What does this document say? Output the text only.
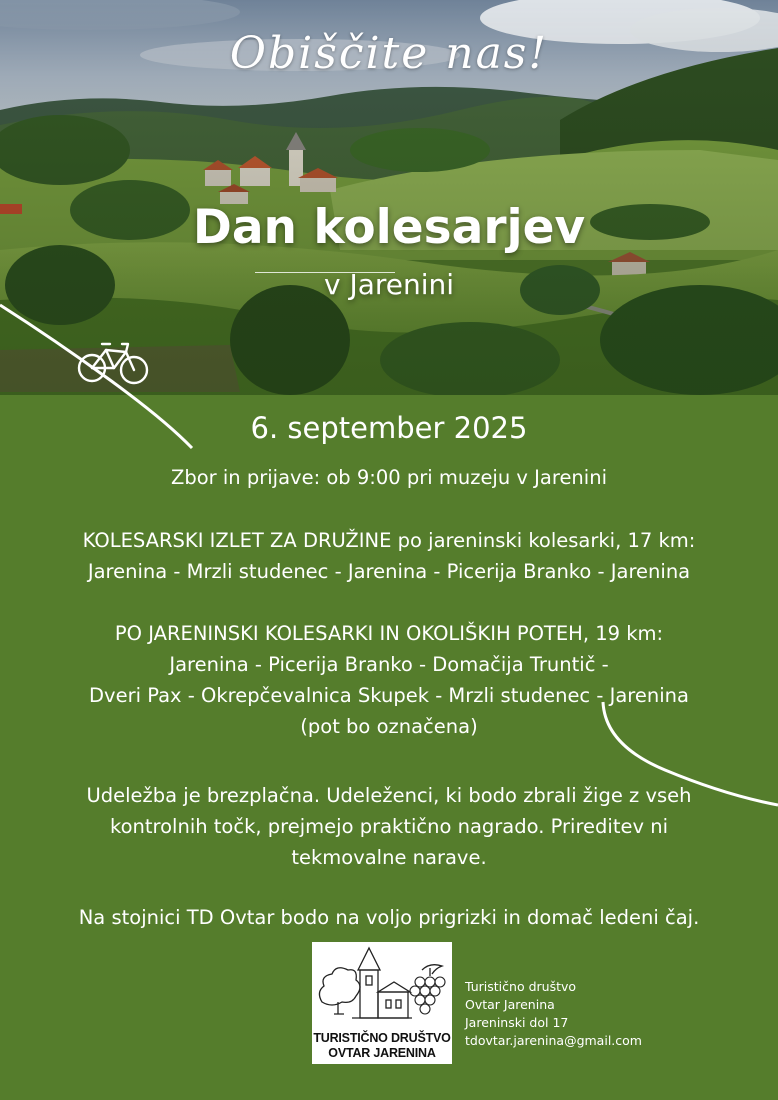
Obiščite nas!
Dan kolesarjev
v Jarenini
6. september 2025
Zbor in prijave: ob 9:00 pri muzeju v Jarenini
KOLESARSKI IZLET ZA DRUŽINE po jareninski kolesarki, 17 km:
Jarenina - Mrzli studenec - Jarenina - Picerija Branko - Jarenina
PO JARENINSKI KOLESARKI IN OKOLIŠKIH POTEH, 19 km:
Jarenina - Picerija Branko - Domačija Truntič -
Dveri Pax - Okrepčevalnica Skupek - Mrzli studenec - Jarenina
(pot bo označena)
Udeležba je brezplačna. Udeleženci, ki bodo zbrali žige z vseh
kontrolnih točk, prejmejo praktično nagrado. Prireditev ni
tekmovalne narave.
Na stojnici TD Ovtar bodo na voljo prigrizki in domač ledeni čaj.
TURISTIČNO DRUŠTVO
OVTAR JARENINA
Turistično društvo
Ovtar Jarenina
Jareninski dol 17
tdovtar.jarenina@gmail.com
